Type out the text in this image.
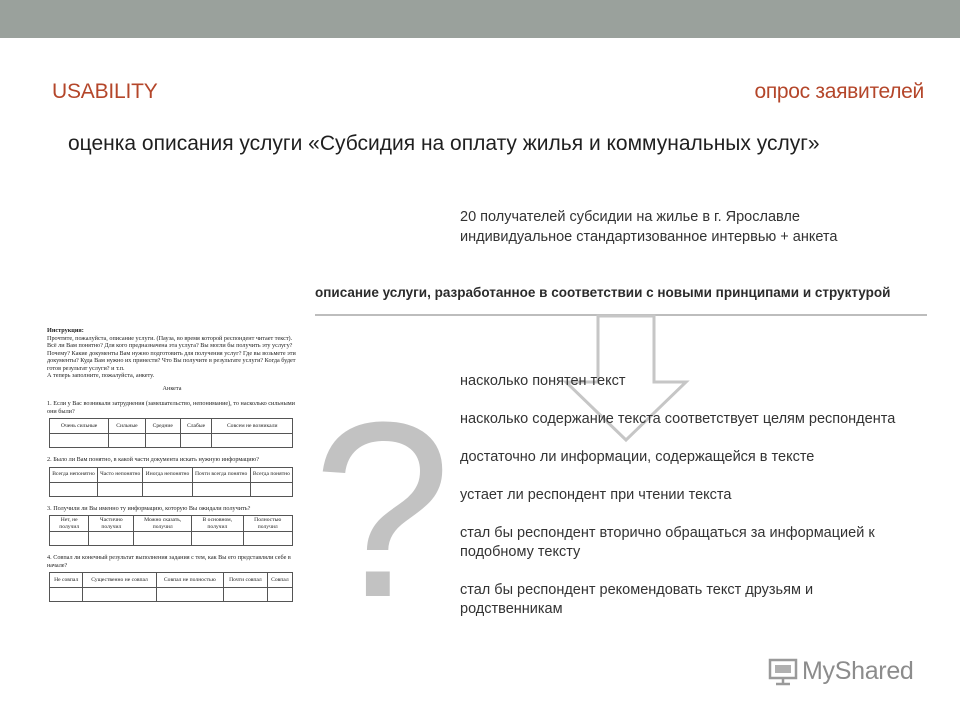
USABILITY	опрос заявителей
оценка описания услуги «Субсидия на оплату жилья и коммунальных услуг»
20 получателей субсидии на жилье в г. Ярославле
индивидуальное стандартизованное интервью + анкета
описание услуги, разработанное в соответствии с новыми принципами и структурой
? насколько понятен текст
насколько содержание текста соответствует целям респондента
достаточно ли информации, содержащейся в тексте
устает ли респондент при чтении текста
стал бы респондент вторично обращаться за информацией к подобному тексту
стал бы респондент рекомендовать текст друзьям и родственникам
Инструкция:
Прочтите, пожалуйста, описание услуги. (Пауза, во время которой респондент читает текст). Всё ли Вам понятно? Для кого предназначена эта услуга? Вы могли бы получить эту услугу? Почему? Какие документы Вам нужно подготовить для получения услуг? Где вы возьмете эти документы? Куда Вам нужно их принести? Что Вы получите в результате услуги? Когда будет готов результат услуги? и т.п.
А теперь заполните, пожалуйста, анкету.
Анкета
1. Если у Вас возникали затруднения (замешательство, непонимание), то насколько сильными они были?
Очень сильные	Сильные	Средние	Слабые	Совсем не возникали

2. Было ли Вам понятно, в какой части документа искать нужную информацию?
Всегда непонятно	Часто непонятно	Иногда непонятно	Почти всегда понятно	Всегда понятно

3. Получили ли Вы именно ту информацию, которую Вы ожидали получить?
Нет, не получил	Частично получил	Можно сказать, получил	В основном, получил	Полностью получил

4. Совпал ли конечный результат выполнения задания с тем, как Вы его представляли себе в начале?
Не совпал	Существенно не совпал	Совпал не полностью	Почти совпал	Совпал

MyShared
